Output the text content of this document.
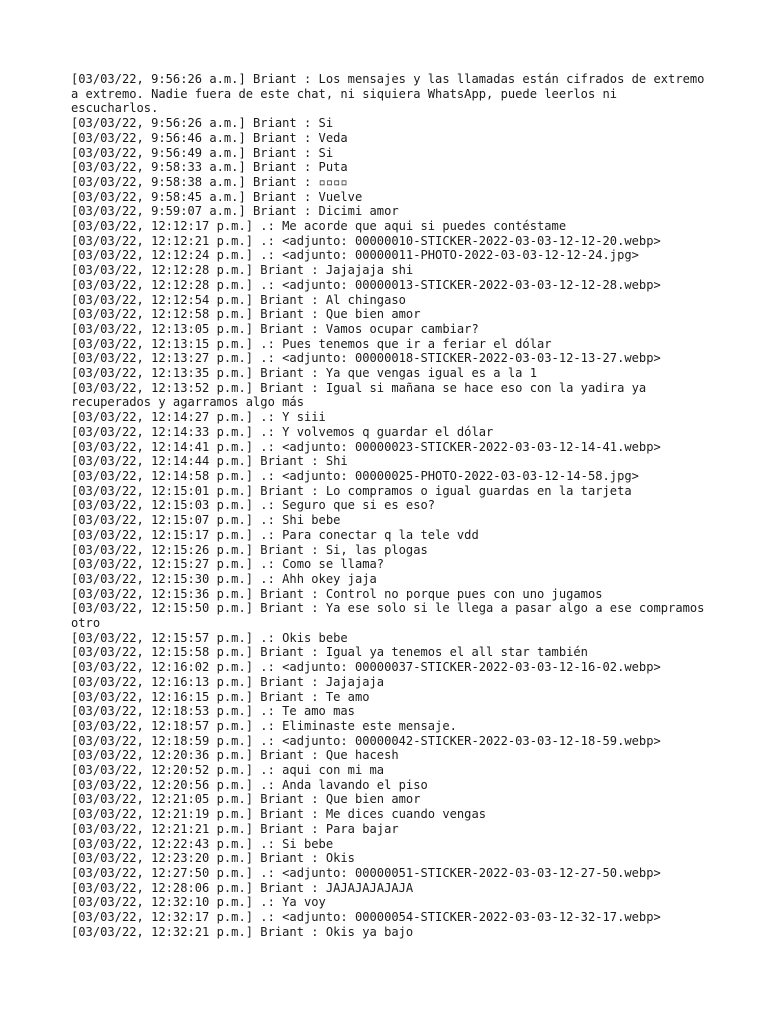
[03/03/22, 9:56:26 a.m.] Briant : Los mensajes y las llamadas están cifrados de extremo a extremo. Nadie fuera de este chat, ni siquiera WhatsApp, puede leerlos ni escucharlos.
[03/03/22, 9:56:26 a.m.] Briant : Si
[03/03/22, 9:56:46 a.m.] Briant : Veda
[03/03/22, 9:56:49 a.m.] Briant : Si
[03/03/22, 9:58:33 a.m.] Briant : Puta
[03/03/22, 9:58:38 a.m.] Briant : ▫▫▫▫
[03/03/22, 9:58:45 a.m.] Briant : Vuelve
[03/03/22, 9:59:07 a.m.] Briant : Dicimi amor
[03/03/22, 12:12:17 p.m.] .: Me acorde que aqui si puedes contéstame
[03/03/22, 12:12:21 p.m.] .: <adjunto: 00000010-STICKER-2022-03-03-12-12-20.webp>
[03/03/22, 12:12:24 p.m.] .: <adjunto: 00000011-PHOTO-2022-03-03-12-12-24.jpg>
[03/03/22, 12:12:28 p.m.] Briant : Jajajaja shi
[03/03/22, 12:12:28 p.m.] .: <adjunto: 00000013-STICKER-2022-03-03-12-12-28.webp>
[03/03/22, 12:12:54 p.m.] Briant : Al chingaso
[03/03/22, 12:12:58 p.m.] Briant : Que bien amor
[03/03/22, 12:13:05 p.m.] Briant : Vamos ocupar cambiar?
[03/03/22, 12:13:15 p.m.] .: Pues tenemos que ir a feriar el dólar
[03/03/22, 12:13:27 p.m.] .: <adjunto: 00000018-STICKER-2022-03-03-12-13-27.webp>
[03/03/22, 12:13:35 p.m.] Briant : Ya que vengas igual es a la 1
[03/03/22, 12:13:52 p.m.] Briant : Igual si mañana se hace eso con la yadira ya recuperados y agarramos algo más
[03/03/22, 12:14:27 p.m.] .: Y siii
[03/03/22, 12:14:33 p.m.] .: Y volvemos q guardar el dólar
[03/03/22, 12:14:41 p.m.] .: <adjunto: 00000023-STICKER-2022-03-03-12-14-41.webp>
[03/03/22, 12:14:44 p.m.] Briant : Shi
[03/03/22, 12:14:58 p.m.] .: <adjunto: 00000025-PHOTO-2022-03-03-12-14-58.jpg>
[03/03/22, 12:15:01 p.m.] Briant : Lo compramos o igual guardas en la tarjeta
[03/03/22, 12:15:03 p.m.] .: Seguro que si es eso?
[03/03/22, 12:15:07 p.m.] .: Shi bebe
[03/03/22, 12:15:17 p.m.] .: Para conectar q la tele vdd
[03/03/22, 12:15:26 p.m.] Briant : Si, las plogas
[03/03/22, 12:15:27 p.m.] .: Como se llama?
[03/03/22, 12:15:30 p.m.] .: Ahh okey jaja
[03/03/22, 12:15:36 p.m.] Briant : Control no porque pues con uno jugamos
[03/03/22, 12:15:50 p.m.] Briant : Ya ese solo si le llega a pasar algo a ese compramos otro
[03/03/22, 12:15:57 p.m.] .: Okis bebe
[03/03/22, 12:15:58 p.m.] Briant : Igual ya tenemos el all star también
[03/03/22, 12:16:02 p.m.] .: <adjunto: 00000037-STICKER-2022-03-03-12-16-02.webp>
[03/03/22, 12:16:13 p.m.] Briant : Jajajaja
[03/03/22, 12:16:15 p.m.] Briant : Te amo
[03/03/22, 12:18:53 p.m.] .: Te amo mas
[03/03/22, 12:18:57 p.m.] .: Eliminaste este mensaje.
[03/03/22, 12:18:59 p.m.] .: <adjunto: 00000042-STICKER-2022-03-03-12-18-59.webp>
[03/03/22, 12:20:36 p.m.] Briant : Que hacesh
[03/03/22, 12:20:52 p.m.] .: aqui con mi ma
[03/03/22, 12:20:56 p.m.] .: Anda lavando el piso
[03/03/22, 12:21:05 p.m.] Briant : Que bien amor
[03/03/22, 12:21:19 p.m.] Briant : Me dices cuando vengas
[03/03/22, 12:21:21 p.m.] Briant : Para bajar
[03/03/22, 12:22:43 p.m.] .: Si bebe
[03/03/22, 12:23:20 p.m.] Briant : Okis
[03/03/22, 12:27:50 p.m.] .: <adjunto: 00000051-STICKER-2022-03-03-12-27-50.webp>
[03/03/22, 12:28:06 p.m.] Briant : JAJAJAJAJAJA
[03/03/22, 12:32:10 p.m.] .: Ya voy
[03/03/22, 12:32:17 p.m.] .: <adjunto: 00000054-STICKER-2022-03-03-12-32-17.webp>
[03/03/22, 12:32:21 p.m.] Briant : Okis ya bajo
